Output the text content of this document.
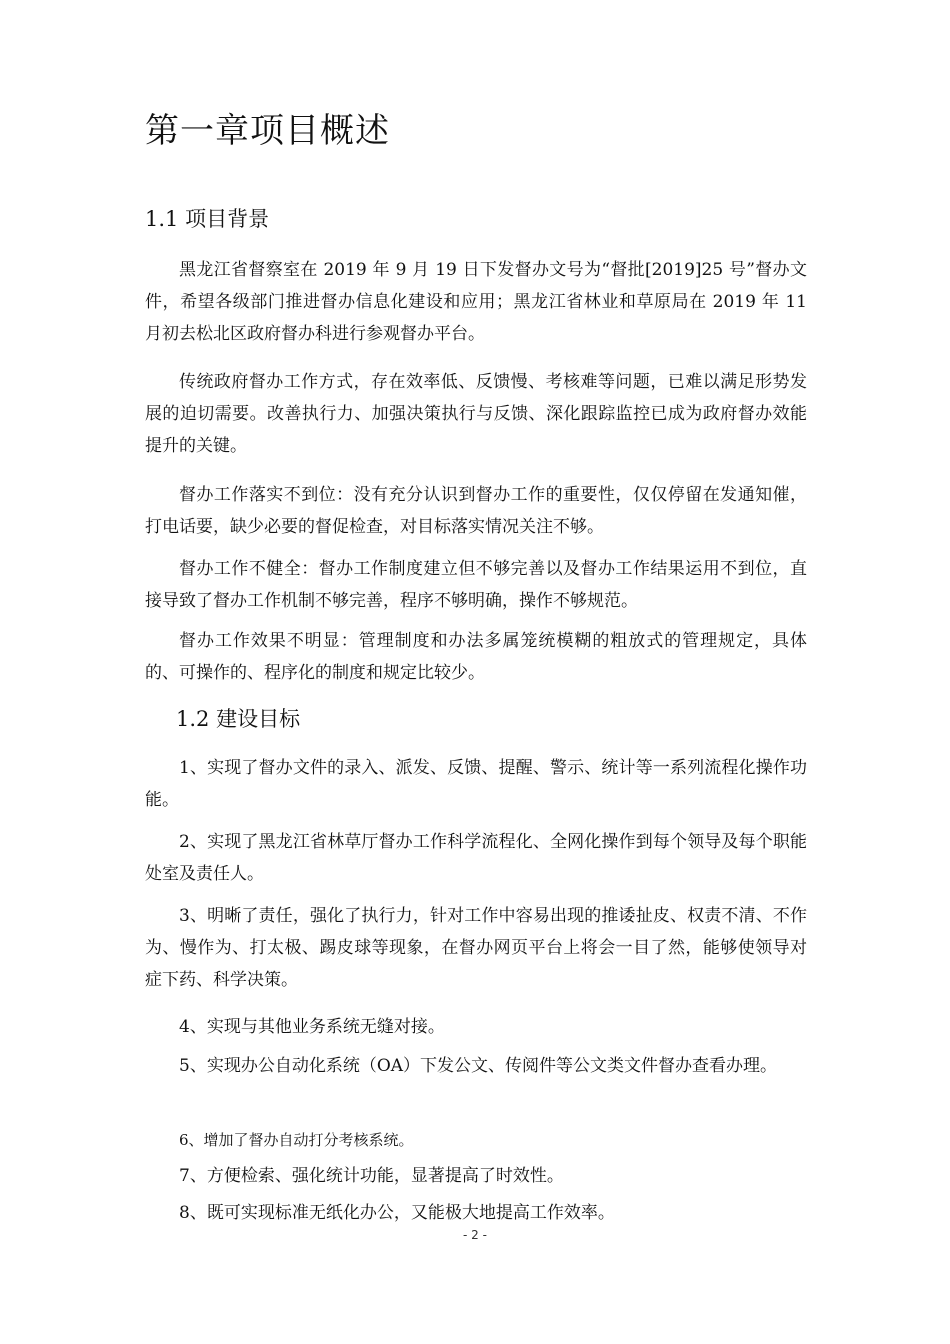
第一章项目概述
1.1 项目背景

黑龙江省督察室在 2019 年 9 月 19 日下发督办文号为“督批[2019]25 号”督办文件，希望各级部门推进督办信息化建设和应用；黑龙江省林业和草原局在 2019 年 11 月初去松北区政府督办科进行参观督办平台。

传统政府督办工作方式，存在效率低、反馈慢、考核难等问题，已难以满足形势发展的迫切需要。改善执行力、加强决策执行与反馈、深化跟踪监控已成为政府督办效能提升的关键。

督办工作落实不到位：没有充分认识到督办工作的重要性，仅仅停留在发通知催，打电话要，缺少必要的督促检查，对目标落实情况关注不够。

督办工作不健全：督办工作制度建立但不够完善以及督办工作结果运用不到位，直接导致了督办工作机制不够完善，程序不够明确，操作不够规范。

督办工作效果不明显：管理制度和办法多属笼统模糊的粗放式的管理规定，具体的、可操作的、程序化的制度和规定比较少。

1.2 建设目标

1、实现了督办文件的录入、派发、反馈、提醒、警示、统计等一系列流程化操作功能。

2、实现了黑龙江省林草厅督办工作科学流程化、全网化操作到每个领导及每个职能处室及责任人。

3、明晰了责任，强化了执行力，针对工作中容易出现的推诿扯皮、权责不清、不作为、慢作为、打太极、踢皮球等现象，在督办网页平台上将会一目了然，能够使领导对症下药、科学决策。

4、实现与其他业务系统无缝对接。

5、实现办公自动化系统（OA）下发公文、传阅件等公文类文件督办查看办理。

6、增加了督办自动打分考核系统。

7、方便检索、强化统计功能，显著提高了时效性。

8、既可实现标准无纸化办公，又能极大地提高工作效率。

- 2 -
